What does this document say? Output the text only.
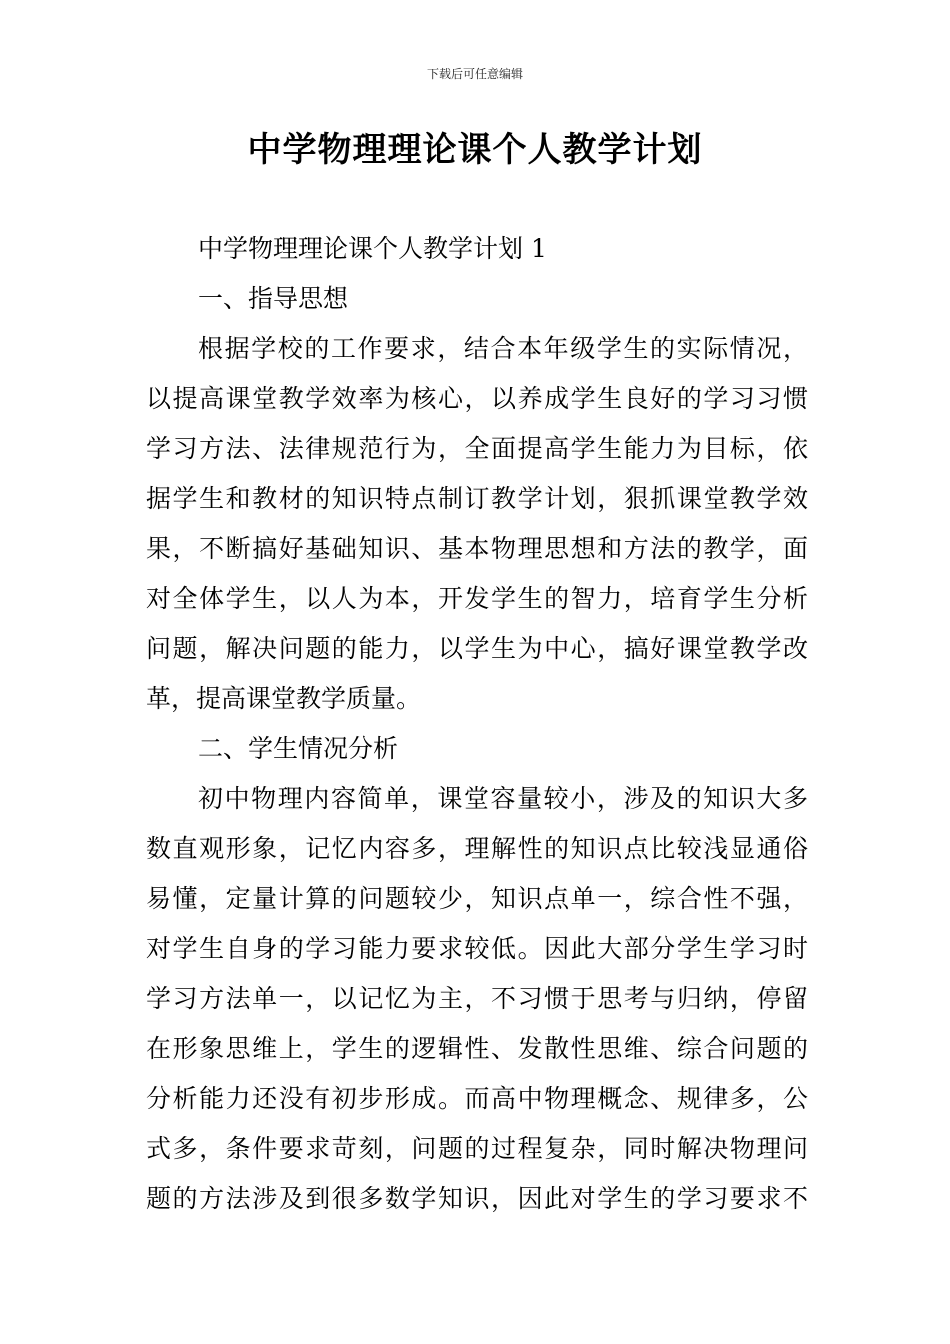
下载后可任意编辑
中学物理理论课个人教学计划
中学物理理论课个人教学计划 1
一、指导思想
根据学校的工作要求，结合本年级学生的实际情况，
以提高课堂教学效率为核心，以养成学生良好的学习习惯
学习方法、法律规范行为，全面提高学生能力为目标，依
据学生和教材的知识特点制订教学计划，狠抓课堂教学效
果，不断搞好基础知识、基本物理思想和方法的教学，面
对全体学生，以人为本，开发学生的智力，培育学生分析
问题，解决问题的能力，以学生为中心，搞好课堂教学改
革，提高课堂教学质量。
二、学生情况分析
初中物理内容简单，课堂容量较小，涉及的知识大多
数直观形象，记忆内容多，理解性的知识点比较浅显通俗
易懂，定量计算的问题较少，知识点单一，综合性不强，
对学生自身的学习能力要求较低。因此大部分学生学习时
学习方法单一，以记忆为主，不习惯于思考与归纳，停留
在形象思维上，学生的逻辑性、发散性思维、综合问题的
分析能力还没有初步形成。而高中物理概念、规律多，公
式多，条件要求苛刻，问题的过程复杂，同时解决物理问
题的方法涉及到很多数学知识，因此对学生的学习要求不
